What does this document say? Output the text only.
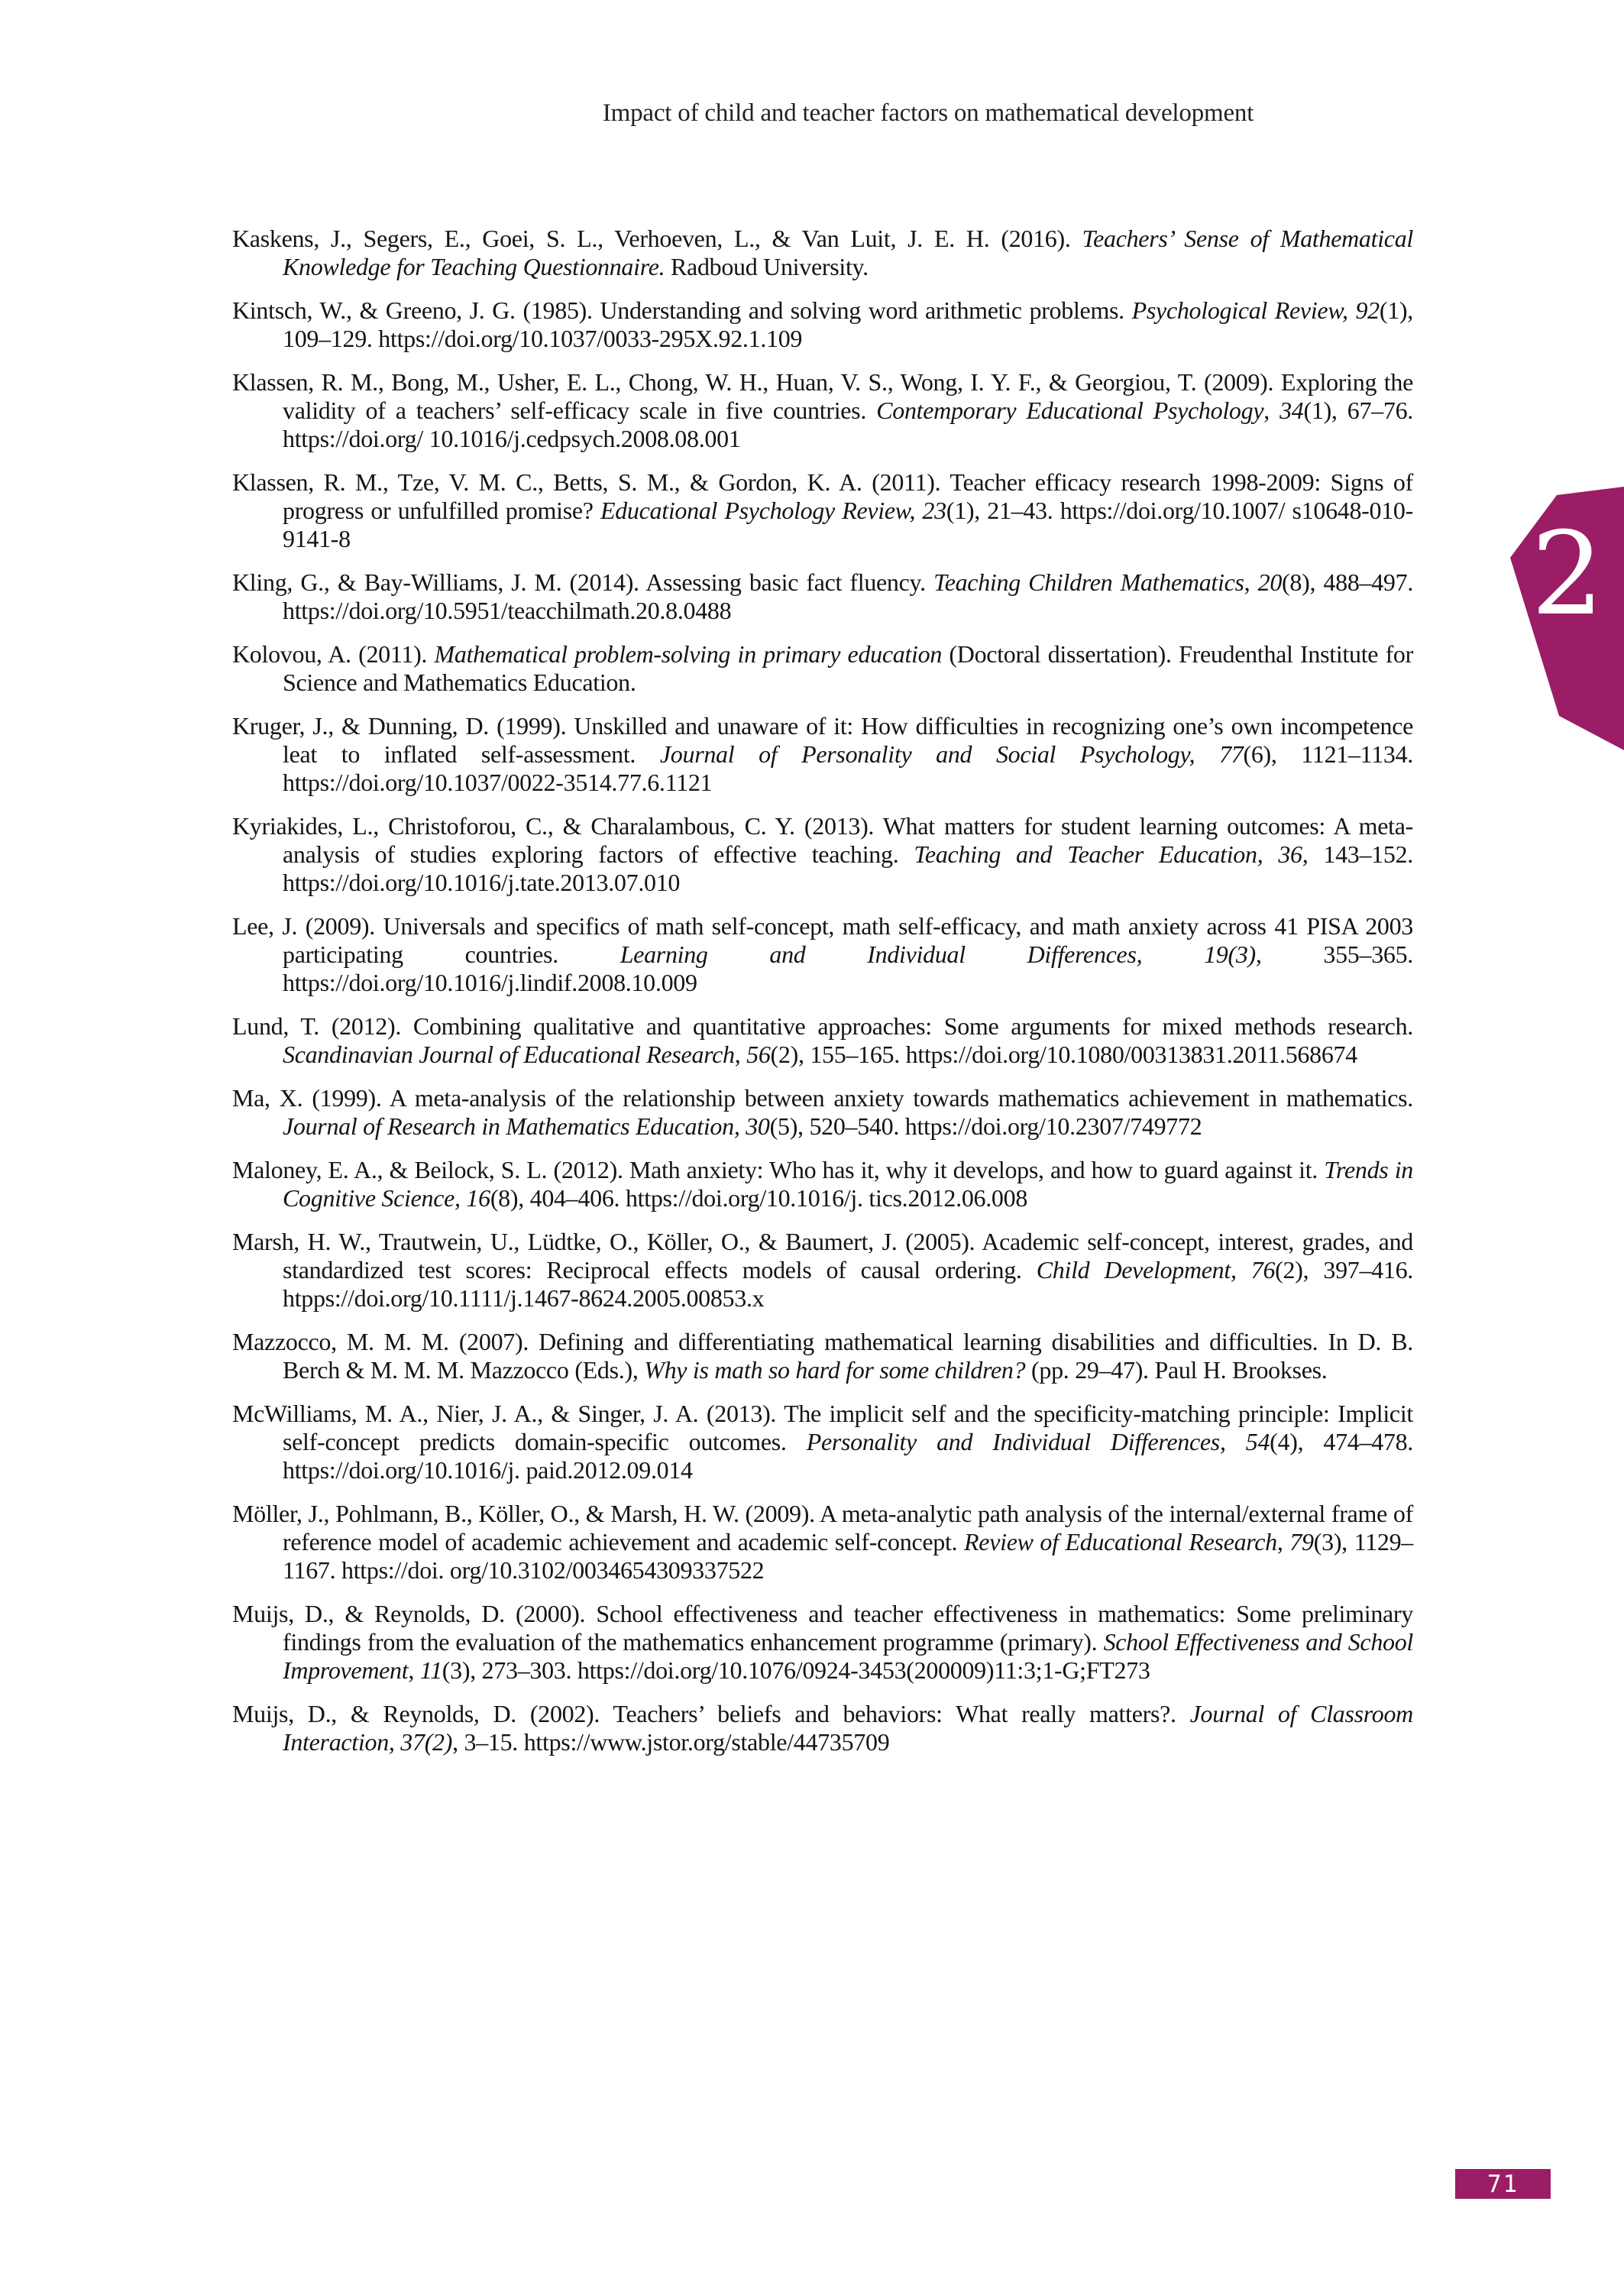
Impact of child and teacher factors on mathematical development

Kaskens, J., Segers, E., Goei, S. L., Verhoeven, L., & Van Luit, J. E. H. (2016). Teachers’ Sense of Mathematical Knowledge for Teaching Questionnaire. Radboud University.

Kintsch, W., & Greeno, J. G. (1985). Understanding and solving word arithmetic problems. Psychological Review, 92(1), 109–129. https://doi.org/10.1037/0033-295X.92.1.109

Klassen, R. M., Bong, M., Usher, E. L., Chong, W. H., Huan, V. S., Wong, I. Y. F., & Georgiou, T. (2009). Exploring the validity of a teachers’ self-efficacy scale in five countries. Contemporary Educational Psychology, 34(1), 67–76. https://doi.org/ 10.1016/j.cedpsych.2008.08.001

Klassen, R. M., Tze, V. M. C., Betts, S. M., & Gordon, K. A. (2011). Teacher efficacy research 1998-2009: Signs of progress or unfulfilled promise? Educational Psychology Review, 23(1), 21–43. https://doi.org/10.1007/ s10648-010-9141-8

Kling, G., & Bay-Williams, J. M. (2014). Assessing basic fact fluency. Teaching Children Mathematics, 20(8), 488–497. https://doi.org/10.5951/teacchilmath.20.8.0488

Kolovou, A. (2011). Mathematical problem-solving in primary education (Doctoral dissertation). Freudenthal Institute for Science and Mathematics Education.

Kruger, J., & Dunning, D. (1999). Unskilled and unaware of it: How difficulties in recognizing one’s own incompetence leat to inflated self-assessment. Journal of Personality and Social Psychology, 77(6), 1121–1134. https://doi.org/10.1037/0022-3514.77.6.1121

Kyriakides, L., Christoforou, C., & Charalambous, C. Y. (2013). What matters for student learning outcomes: A meta-analysis of studies exploring factors of effective teaching. Teaching and Teacher Education, 36, 143–152. https://doi.org/10.1016/j.tate.2013.07.010

Lee, J. (2009). Universals and specifics of math self-concept, math self-efficacy, and math anxiety across 41 PISA 2003 participating countries. Learning and Individual Differences, 19(3), 355–365. https://doi.org/10.1016/j.lindif.2008.10.009

Lund, T. (2012). Combining qualitative and quantitative approaches: Some arguments for mixed methods research. Scandinavian Journal of Educational Research, 56(2), 155–165. https://doi.org/10.1080/00313831.2011.568674

Ma, X. (1999). A meta-analysis of the relationship between anxiety towards mathematics achievement in mathematics. Journal of Research in Mathematics Education, 30(5), 520–540. https://doi.org/10.2307/749772

Maloney, E. A., & Beilock, S. L. (2012). Math anxiety: Who has it, why it develops, and how to guard against it. Trends in Cognitive Science, 16(8), 404–406. https://doi.org/10.1016/j. tics.2012.06.008

Marsh, H. W., Trautwein, U., Lüdtke, O., Köller, O., & Baumert, J. (2005). Academic self-concept, interest, grades, and standardized test scores: Reciprocal effects models of causal ordering. Child Development, 76(2), 397–416. htpps://doi.org/10.1111/j.1467-8624.2005.00853.x

Mazzocco, M. M. M. (2007). Defining and differentiating mathematical learning disabilities and difficulties. In D. B. Berch & M. M. M. Mazzocco (Eds.), Why is math so hard for some children? (pp. 29–47). Paul H. Brookses.

McWilliams, M. A., Nier, J. A., & Singer, J. A. (2013). The implicit self and the specificity-matching principle: Implicit self-concept predicts domain-specific outcomes. Personality and Individual Differences, 54(4), 474–478. https://doi.org/10.1016/j. paid.2012.09.014

Möller, J., Pohlmann, B., Köller, O., & Marsh, H. W. (2009). A meta-analytic path analysis of the internal/external frame of reference model of academic achievement and academic self-concept. Review of Educational Research, 79(3), 1129–1167. https://doi. org/10.3102/0034654309337522

Muijs, D., & Reynolds, D. (2000). School effectiveness and teacher effectiveness in mathematics: Some preliminary findings from the evaluation of the mathematics enhancement programme (primary). School Effectiveness and School Improvement, 11(3), 273–303. https://doi.org/10.1076/0924-3453(200009)11:3;1-G;FT273

Muijs, D., & Reynolds, D. (2002). Teachers’ beliefs and behaviors: What really matters?. Journal of Classroom Interaction, 37(2), 3–15. https://www.jstor.org/stable/44735709

2
71
